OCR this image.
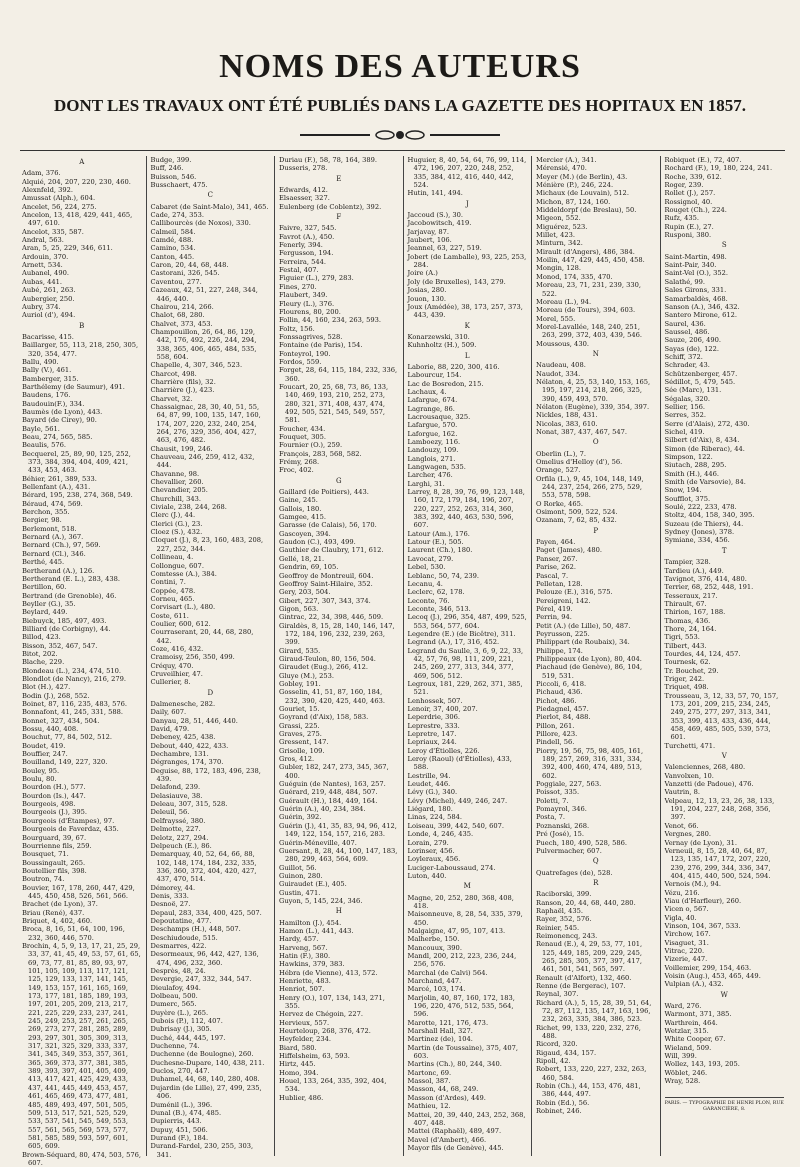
NOMS DES AUTEURS
DONT LES TRAVAUX ONT ÉTÉ PUBLIÉS DANS LA GAZETTE DES HOPITAUX EN 1857.
A
Adam, 376.
Alquié, 204, 207, 220, 230, 460.
Alexnfeld, 392.
Amussat (Alph.), 604.
Ancelet, 56, 224, 275.
Ancelon, 13, 418, 429, 441, 465, 497, 610.
Ancelot, 335, 587.
Andral, 563.
Aran, 5, 25, 229, 346, 611.
Ardouin, 370.
Arnett, 534.
Aubanel, 490.
Aubas, 441.
Aubé, 261, 263.
Aubergier, 250.
Aubry, 374.
Auriol (d'), 494.
B
Bacarisse, 415.
Baillarger, 55, 113, 218, 250, 305, 320, 354, 477.
Ballu, 490.
Bally (V.), 461.
Bamberger, 315.
Barthélemy (de Saumur), 491.
Baudens, 176.
Baudouin(F.), 334.
Baumès (de Lyon), 443.
Bayard (de Cirey), 90.
Bayle, 561.
Beau, 274, 565, 585.
Beaulis, 576.
Becquerel, 25, 89, 90, 125, 252, 373, 384, 394, 404, 409, 421, 433, 453, 463.
Béhier, 261, 389, 533.
Bellenfant (A.), 431.
Bérard, 195, 238, 274, 368, 549.
Béraud, 474, 569.
Berchon, 355.
Bergier, 98.
Berlemont, 518.
Bernard (A.), 367.
Bernard (Ch.), 97, 569.
Bernard (Cl.), 346.
Berthé, 445.
Bertherand (A.), 126.
Bertherand (E. L.), 283, 438.
Bertillon, 60.
Bertrand (de Grenoble), 46.
Beyller (G.), 35.
Beylard, 449.
Biebuyck, 185, 497, 493.
Billiard (de Corbigny), 44.
Billod, 423.
Bisson, 352, 467, 547.
Bitot, 202.
Blache, 229.
Blondeau (L.), 234, 474, 510.
Blondlot (de Nancy), 216, 279.
Blot (H.), 427.
Bodin (J.), 268, 552.
Boinet, 87, 116, 235, 483, 576.
Bonnafont, 41, 245, 331, 588.
Bonnet, 327, 434, 504.
Bossu, 440, 408.
Bouchut, 77, 84, 502, 512.
Boudet, 419.
Bouffier, 247.
Bouilland, 149, 227, 320.
Bouley, 95.
Boulu, 80.
Bourdon (H.), 577.
Bourdon (Is.), 447.
Bourgeois, 498.
Bourgeois (J.), 395.
Bourgeois (d'Étampes), 97.
Bourgeois de Faverdaz, 435.
Bourguard, 39, 67.
Bourrienne fils, 259.
Bousquet, 71.
Boussingault, 265.
Boutellier fils, 398.
Boutron, 74.
Bouvier, 167, 178, 260, 447, 429, 445, 450, 458, 526, 561, 566.
Brachet (de Lyon), 37.
Briau (René), 437.
Briquet, 4, 402, 460.
Broca, 8, 16, 51, 64, 100, 196, 232, 360, 446, 570.
Brochin, 4, 5, 9, 13, 17, 21, 25, 29, 33, 37, 41, 45, 49, 53, 57, 61, 65, 69, 73, 77, 81, 85, 89, 93, 97, 101, 105, 109, 113, 117, 121, 125, 129, 133, 137, 141, 145, 149, 153, 157, 161, 165, 169, 173, 177, 181, 185, 189, 193, 197, 201, 205, 209, 213, 217, 221, 225, 229, 233, 237, 241, 245, 249, 253, 257, 261, 265, 269, 273, 277, 281, 285, 289, 293, 297, 301, 305, 309, 313, 317, 321, 325, 329, 333, 337, 341, 345, 349, 353, 357, 361, 365, 369, 373, 377, 381, 385, 389, 393, 397, 401, 405, 409, 413, 417, 421, 425, 429, 433, 437, 441, 445, 449, 453, 457, 461, 465, 469, 473, 477, 481, 485, 489, 493, 497, 501, 505, 509, 513, 517, 521, 525, 529, 533, 537, 541, 545, 549, 553, 557, 561, 565, 569, 573, 577, 581, 585, 589, 593, 597, 601, 605, 609.
Brown-Séquard, 80, 474, 503, 576, 607.
Budge, 399.
Buff, 246.
Buisson, 546.
Busschaert, 475.
C
Cabaret (de Saint-Malo), 341, 465.
Cade, 274, 353.
Callibourcès (de Noxos), 330.
Calmeil, 584.
Camdé, 488.
Camino, 534.
Canton, 445.
Caron, 20, 44, 68, 448.
Castorani, 326, 545.
Caventou, 277.
Cazeaux, 42, 51, 227, 248, 344, 446, 440.
Chairou, 214, 266.
Chalot, 68, 280.
Chalvet, 373, 453.
Champouillon, 26, 64, 86, 129, 442, 176, 492, 226, 244, 294, 338, 365, 406, 465, 484, 535, 558, 604.
Chapelle, 4, 307, 346, 523.
Charcot, 498.
Charrière (fils), 32.
Charrière (J.), 423.
Charvet, 32.
Chassaignac, 28, 30, 40, 51, 55, 64, 87, 99, 100, 135, 147, 160, 174, 207, 220, 232, 240, 254, 264, 276, 329, 356, 404, 427, 463, 476, 482.
Chausit, 199, 246.
Chauveau, 246, 259, 412, 432, 444.
Chavanne, 98.
Chevallier, 260.
Chevandier, 205.
Churchill, 343.
Civiale, 238, 244, 268.
Clerc (J.), 44.
Clerici (G.), 23.
Cloez (S.), 432.
Cloquet (J.), 8, 23, 160, 483, 208, 227, 252, 344.
Collineau, 4.
Collongue, 607.
Comtesse (A.), 384.
Contini, 7.
Coppée, 478.
Corneu, 465.
Corvisart (L.), 480.
Coste, 611.
Coulier, 600, 612.
Courraserant, 20, 44, 68, 280, 442.
Coze, 416, 432.
Cramoisy, 256, 350, 499.
Créquy, 470.
Cruveilhier, 47.
Cullerier, 8.
D
Dalmenesche, 282.
Daily, 607.
Danyau, 28, 51, 446, 440.
David, 479.
Debeney, 425, 438.
Debout, 440, 422, 433.
Dechambre, 131.
Dégranges, 174, 370.
Deguise, 88, 172, 183, 496, 238, 439.
Delafond, 239.
Delasiauve, 38.
Deleau, 307, 315, 528.
Deleuil, 56.
Delfrayssé, 380.
Delmotte, 227.
Delotz, 227, 294.
Delpeuch (E.), 86.
Demarquay, 40, 52, 64, 66, 88, 102, 148, 174, 184, 232, 335, 336, 360, 372, 404, 420, 427, 437, 470, 514.
Démorey, 44.
Denis, 333.
Desnoë, 27.
Depaul, 283, 334, 400, 425, 507.
Depoutatine, 477.
Deschamps (H.), 448, 507.
Deschiudoude, 515.
Desmarres, 422.
Desormeaux, 96, 442, 427, 136, 474, 496, 232, 360.
Desprès, 48, 24.
Devergie, 247, 332, 344, 547.
Dieulafoy, 494.
Dolbeau, 500.
Dumerc, 565.
Duyère (L.), 265.
Dubois (P.), 112, 407.
Dubrisay (J.), 305.
Duché, 444, 445, 197.
Duchenne, 74.
Duchenne (de Boulogne), 260.
Duchesne-Dupare, 140, 438, 211.
Duclos, 270, 447.
Duhamel, 44, 68, 140, 280, 408.
Dujardin (de Lille), 27, 499, 235, 406.
Duménil (L.), 396.
Dunal (B.), 474, 485.
Dupierris, 443.
Dupuy, 451, 506.
Durand (F.), 184.
Durand-Fardel, 230, 255, 303, 341.
Duriau (F.), 58, 78, 164, 389.
Dusseris, 278.
E
Edwards, 412.
Elsaesser, 327.
Eulenberg (de Coblentz), 392.
F
Faivre, 327, 545.
Favrot (A.), 450.
Fenerly, 394.
Fergusson, 194.
Ferreira, 544.
Festal, 407.
Figuier (L.), 279, 283.
Fines, 270.
Flaubert, 349.
Fleury (L.), 376.
Flourens, 80, 200.
Follin, 44, 160, 234, 263, 593.
Foltz, 156.
Fonssagrives, 528.
Fontaine (de Paris), 154.
Fonteyrol, 190.
Fordos, 559.
Forget, 28, 64, 115, 184, 232, 336, 360.
Foucart, 20, 25, 68, 73, 86, 133, 140, 469, 193, 210, 252, 273, 280, 321, 371, 408, 437, 474, 492, 505, 521, 545, 549, 557, 581.
Foucher, 434.
Fouquet, 305.
Fournier (O.), 259.
François, 283, 568, 582.
Frémy, 268.
Froc, 402.
G
Gaillard (de Poitiers), 443.
Gaine, 245.
Gallois, 180.
Gamgee, 415.
Garasse (de Calais), 56, 170.
Gascoyen, 394.
Gaudon (C.), 493, 499.
Gauthier de Claubry, 171, 612.
Gellé, 18, 21.
Gendrin, 69, 105.
Geoffroy de Montreuil, 604.
Geoffroy Saint-Hilaire, 352.
Gery, 203, 504.
Gibert, 227, 307, 343, 374.
Gigon, 563.
Gintrac, 22, 34, 398, 446, 509.
Giraldès, 8, 15, 28, 140, 146, 147, 172, 184, 196, 232, 239, 263, 399.
Girard, 535.
Giraud-Teulon, 80, 156, 504.
Giraudet (Eug.), 266, 412.
Gluye (M.), 253.
Gobley, 191.
Gosselin, 41, 51, 87, 160, 184, 232, 390, 420, 425, 440, 463.
Gouriet, 15.
Goyrand (d'Aix), 158, 583.
Grassi, 225.
Graves, 275.
Gressent, 147.
Grisolle, 109.
Gros, 412.
Gubler, 182, 247, 273, 345, 367, 400.
Guéguin (de Nantes), 163, 257.
Guérard, 219, 448, 484, 507.
Guérault (H.), 184, 449, 164.
Guérin (A.), 40, 234, 384.
Guérin, 392.
Guérin (J.), 41, 35, 83, 94, 96, 412, 149, 122, 154, 157, 216, 283.
Guérin-Méneville, 407.
Guersant, 8, 28, 44, 100, 147, 183, 280, 299, 463, 564, 609.
Guillot, 56.
Guinon, 280.
Guiraudet (E.), 405.
Gustin, 471.
Guyon, 5, 145, 224, 346.
H
Hamilton (J.), 454.
Hamon (L.), 441, 443.
Hardy, 457.
Harveng, 567.
Hatin (F.), 380.
Hawkins, 379, 383.
Hébra (de Vienne), 413, 572.
Henriette, 483.
Henriot, 507.
Henry (O.), 107, 134, 143, 271, 355.
Hervez de Chégoin, 227.
Hervieux, 557.
Heurteloup, 268, 376, 472.
Heyfelder, 234.
Biard, 580.
Hiffelsheim, 63, 593.
Hirtz, 445.
Homo, 394.
Houel, 133, 264, 335, 392, 404, 534.
Hublier, 486.
Huguier, 8, 40, 54, 64, 76, 99, 114, 472, 196, 207, 220, 248, 252, 335, 384, 412, 416, 440, 442, 524.
Hutin, 141, 494.
J
Jaccoud (S.), 30.
Jacobowitsch, 419.
Jarjavay, 87.
Jaubert, 106.
Jeannel, 63, 227, 519.
Jobert (de Lamballe), 93, 225, 253, 284.
Joire (A.)
Joly (de Bruxelles), 143, 279.
Josias, 280.
Jouon, 130.
Joux (Amédée), 38, 173, 257, 373, 443, 439.
K
Konarzewski, 310.
Kuhnholtz (H.), 509.
L
Laborie, 88, 220, 300, 416.
Labourcur, 154.
Lac de Bosredon, 215.
Lachaux, 4.
Lafargue, 674.
Lagrange, 86.
Lacrousaque, 325.
Lafargue, 570.
Laforgue, 162.
Lamboezy, 116.
Landouzy, 109.
Langlois, 271.
Langwagen, 535.
Larcher, 476.
Larghi, 31.
Larrey, 8, 28, 39, 76, 99, 123, 148, 160, 172, 179, 184, 196, 207, 220, 227, 252, 263, 314, 360, 383, 392, 440, 463, 530, 596, 607.
Latour (Am.), 176.
Latour (E.), 505.
Laurent (Ch.), 180.
Lavocat, 279.
Lebel, 530.
Leblanc, 50, 74, 239.
Lecanu, 4.
Leclerc, 62, 178.
Leconte, 76.
Leconte, 346, 513.
Lecoq (J.), 296, 354, 487, 499, 525, 553, 564, 577, 604.
Legendre (E.) (de Bicêtre), 311.
Legrand (A.), 17, 316, 452.
Legrand du Saulle, 3, 6, 9, 22, 33, 42, 57, 76, 98, 111, 209, 221, 245, 269, 277, 313, 344, 377, 469, 506, 512.
Legroux, 181, 229, 262, 371, 385, 521.
Lenhossek, 507.
Lenoir, 37, 400, 207.
Leperdrie, 306.
Leprestre, 333.
Lepretre, 147.
Lepriaux, 244.
Leroy d'Étiolles, 226.
Leroy (Raoul) (d'Étiolles), 433, 588.
Lestrille, 94.
Leudet, 446.
Lévy (G.), 340.
Lévy (Michel), 449, 246, 247.
Liégard, 180.
Linas, 224, 584.
Loiseau, 399, 442, 540, 607.
Londe, 4, 246, 435.
Lorain, 279.
Lorinser, 456.
Loyleraux, 456.
Luciger-Laboussaud, 274.
Luton, 440.
M
Magne, 20, 252, 280, 368, 408, 418.
Maisonneuve, 8, 28, 54, 335, 379, 450.
Malgaigne, 47, 95, 107, 413.
Malherbe, 150.
Mancouux, 390.
Mandl, 200, 212, 223, 236, 244, 256, 576.
Marchal (de Calvi) 564.
Marchand, 447.
Marcé, 103, 174.
Marjolin, 40, 87, 160, 172, 183, 196, 220, 476, 512, 535, 564, 596.
Marotte, 121, 176, 473.
Marshall Hall, 327.
Martinez (de), 104.
Martin (de Toussaine), 375, 407, 603.
Martins (Ch.), 80, 244, 340.
Martonc, 69.
Massol, 387.
Masson, 44, 68, 249.
Masson (d'Ardes), 449.
Mathieu, 12.
Mattei, 20, 39, 440, 243, 252, 368, 407, 448.
Mattei (Raphaël), 489, 497.
Mavel (d'Ambert), 466.
Mayor fils (de Genève), 445.
Mercier (A.), 341.
Mérensié, 470.
Meyer (M.) (de Berlin), 43.
Ménière (P.), 246, 224.
Michaux (de Louvain), 512.
Michon, 87, 124, 160.
Middeldorpf (de Breslau), 50.
Migeon, 552.
Miguérez, 523.
Millet, 423.
Minturn, 342.
Mirault (d'Angers), 486, 384.
Moilin, 447, 429, 445, 450, 458.
Mongin, 128.
Monod, 174, 335, 470.
Moreau, 23, 71, 231, 239, 330, 522.
Moreau (L.), 94.
Moreau (de Tours), 394, 603.
Morel, 555.
Morel-Lavallée, 148, 240, 251, 263, 299, 372, 403, 439, 546.
Moussous, 430.
N
Naudeau, 408.
Naudot, 334.
Nélaton, 4, 25, 53, 140, 153, 165, 195, 197, 214, 218, 266, 325, 390, 459, 493, 570.
Nélaton (Eugène), 339, 354, 397.
Nickles, 188, 431.
Nicolas, 383, 610.
Nonat, 387, 437, 467, 547.
O
Oberlin (L.), 7.
Omelius d'Helloy (d'), 56.
Orange, 527.
Orfila (L.), 9, 45, 104, 148, 149, 244, 237, 254, 266, 275, 529, 553, 578, 598.
O Rorke, 465.
Osimont, 509, 522, 524.
Ozanam, 7, 62, 85, 432.
P
Payen, 464.
Paget (James), 480.
Panser, 267.
Parise, 262.
Pascal, 7.
Pelletan, 128.
Pelouze (E.), 316, 575.
Pereigreni, 142.
Pérel, 419.
Perrin, 94.
Petit (A.) (de Lille), 50, 487.
Peyrusson, 225.
Philippart (de Roubaix), 34.
Philippe, 174.
Philippeaux (de Lyon), 80, 404.
Piachaud (de Genève), 86, 104, 519, 531.
Piccoli, 6, 418.
Pichaud, 436.
Pichot, 486.
Piedagnel, 457.
Pierlot, 84, 488.
Pillon, 261.
Pillore, 423.
Pindell, 56.
Piorry, 19, 56, 75, 98, 405, 161, 189, 257, 269, 316, 331, 334, 392, 400, 460, 474, 489, 513, 602.
Poggiale, 227, 563.
Poissot, 335.
Poletti, 7.
Pomayrol, 346.
Posta, 7.
Poznanski, 268.
Pré (José), 15.
Puech, 180, 490, 528, 586.
Pulvermacher, 607.
Q
Quatrefages (de), 528.
R
Raciborski, 399.
Ranson, 20, 44, 68, 440, 280.
Raphaël, 435.
Rayer, 352, 576.
Reinier, 545.
Reimonencq, 243.
Renaud (E.), 4, 29, 53, 77, 101, 125, 449, 185, 209, 229, 245, 265, 285, 305, 377, 397, 417, 461, 501, 541, 565, 597.
Renault (d'Alfort), 132, 460.
Renne (de Bergerac), 107.
Reynal, 307.
Richard (A.), 5, 15, 28, 39, 51, 64, 72, 87, 112, 135, 147, 163, 196, 232, 263, 335, 384, 386, 523.
Richet, 99, 133, 220, 232, 276, 488.
Ricord, 320.
Rigaud, 434, 157.
Ripoll, 42.
Robert, 133, 220, 227, 232, 263, 460, 584.
Robin (Ch.), 44, 153, 476, 481, 386, 444, 497.
Robin (Ed.), 56.
Robinet, 246.
Robiquet (E.), 72, 407.
Rochard (F.), 19, 180, 224, 241.
Roche, 339, 612.
Roger, 239.
Rollet (J.), 257.
Rossignol, 40.
Rouget (Ch.), 224.
Rufz, 435.
Rupin (E.), 27.
Rusponi, 380.
S
Saint-Martin, 498.
Saint-Pair, 340.
Saint-Vel (O.), 352.
Salathé, 99.
Sales Girons, 331.
Samarbaldès, 468.
Sanson (A.), 346, 432.
Santero Mirone, 612.
Saurel, 436.
Saussel, 486.
Sauze, 206, 490.
Sayas (de), 122.
Schiff, 372.
Schrader, 43.
Schützenberger, 457.
Sédillot, 5, 479, 545.
Sée (Marc), 131.
Ségalas, 320.
Sellier, 156.
Serres, 352.
Serre (d'Alais), 272, 430.
Sichel, 419.
Silbert (d'Aix), 8, 434.
Simon (de Riberac), 44.
Simpson, 122.
Siutach, 288, 295.
Smith (H.), 446.
Smith (de Varsovie), 84.
Snow, 194.
Soufflot, 375.
Soulé, 222, 233, 478.
Stoltz, 404, 158, 340, 395.
Suzeau (de Thiers), 44.
Sydney (Jones), 378.
Symiane, 334, 456.
T
Tampier, 328.
Tardieu (A.), 449.
Tavignot, 376, 414, 480.
Terrier, 68, 252, 448, 191.
Tesseraux, 217.
Thirault, 67.
Thirion, 167, 188.
Thomas, 436.
Thore, 24, 164.
Tigri, 553.
Tilbert, 443.
Tourdes, 44, 124, 457.
Tournesk, 62.
Tr. Bouchet, 29.
Triger, 242.
Triquet, 498.
Trousseau, 3, 12, 33, 57, 70, 157, 173, 201, 209, 215, 234, 245, 249, 275, 277, 297, 313, 341, 353, 399, 413, 433, 436, 444, 458, 469, 485, 505, 539, 573, 601.
Turchetti, 471.
V
Valenciennes, 268, 480.
Vanvolxen, 10.
Vanzetti (de Padoue), 476.
Vautrin, 8.
Velpeau, 12, 13, 23, 26, 38, 133, 191, 204, 227, 248, 268, 356, 397.
Venot, 66.
Vergnes, 280.
Vernay (de Lyon), 31.
Verneuil, 8, 15, 28, 40, 64, 87, 123, 135, 147, 172, 207, 220, 239, 276, 299, 344, 336, 347, 404, 415, 440, 500, 524, 594.
Vernois (M.), 94.
Vézu, 216.
Viau (d'Harfleur), 260.
Vicen o, 567.
Vigla, 40.
Vinson, 104, 367, 533.
Virchow, 167.
Visaguet, 31.
Vitrac, 220.
Vizerie, 447.
Voillemier, 299, 154, 463.
Voisin (Aug.), 453, 465, 449.
Vulpian (A.), 432.
W
Ward, 276.
Warmont, 371, 385.
Warthrein, 464.
Wetzlar, 315.
White Cooper, 67.
Wieland, 509.
Will, 399.
Wollez, 143, 193, 205.
Wöblet, 246.
Wray, 528.
PARIS. — TYPOGRAPHIE DE HENRI PLON, RUE GARANCIÈRE, 8.
